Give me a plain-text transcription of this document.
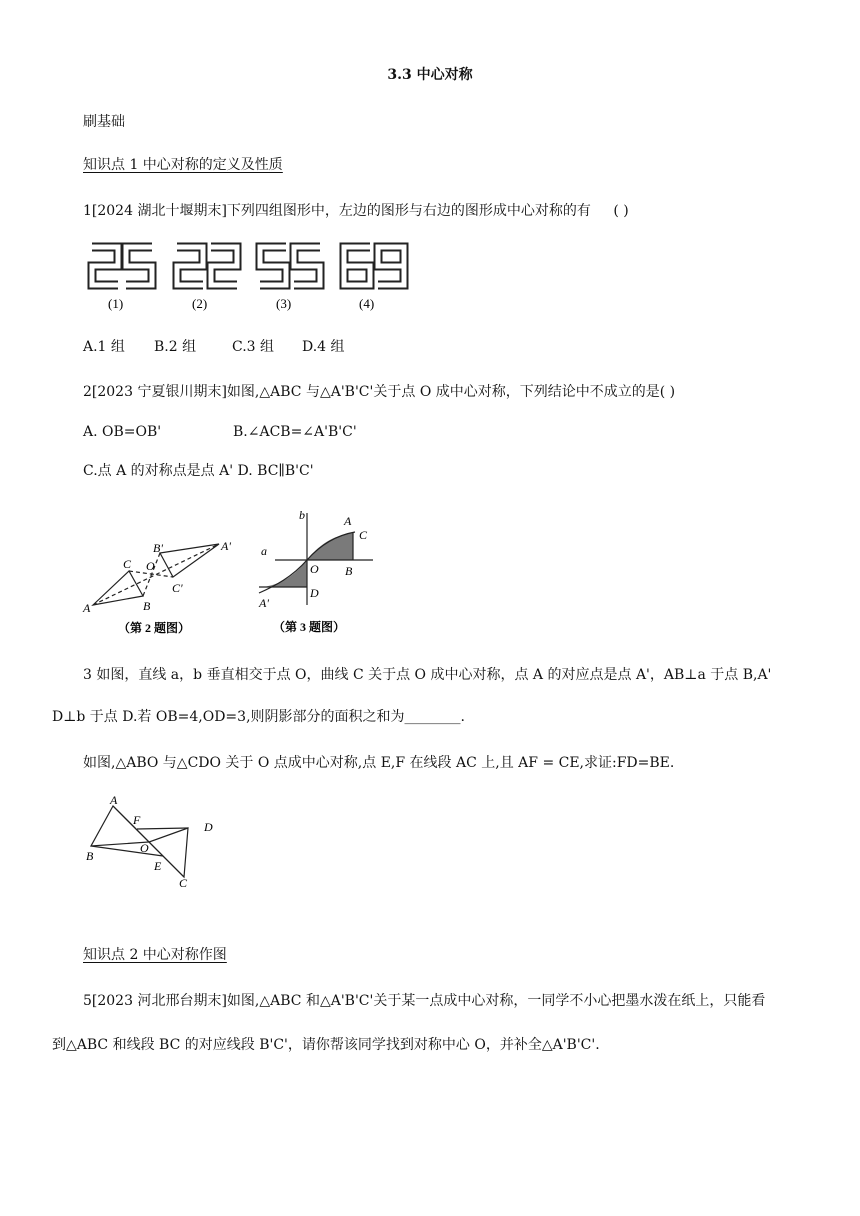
3.3 中心对称
刷基础
知识点 1 中心对称的定义及性质
1[2024 湖北十堰期末]下列四组图形中，左边的图形与右边的图形成中心对称的有 ( )
(1)	(2)	(3)	(4)
A.1 组 B.2 组	C.3 组 D.4 组
2[2023 宁夏银川期末]如图,△ABC 与△A'B'C'关于点 O 成中心对称，下列结论中不成立的是( )
A. OB=OB'	B.∠ACB=∠A'B'C'
C.点 A 的对称点是点 A' D. BC∥B'C'
A	B
C O
A'
B'
C'
（第 2 题图）
a
b	A
C
O B
D
A'
（第 3 题图）
3 如图，直线 a，b 垂直相交于点 O，曲线 C 关于点 O 成中心对称，点 A 的对应点是点 A'，AB⊥a 于点 B,A'
D⊥b 于点 D.若 OB=4,OD=3,则阴影部分的面积之和为________.
如图,△ABO 与△CDO 关于 O 点成中心对称,点 E,F 在线段 AC 上,且 AF = CE,求证:FD=BE.
A
F	D
B
O
E
C
知识点 2 中心对称作图
5[2023 河北邢台期末]如图,△ABC 和△A'B'C'关于某一点成中心对称，一同学不小心把墨水泼在纸上，只能看
到△ABC 和线段 BC 的对应线段 B'C'，请你帮该同学找到对称中心 O，并补全△A'B'C'.
